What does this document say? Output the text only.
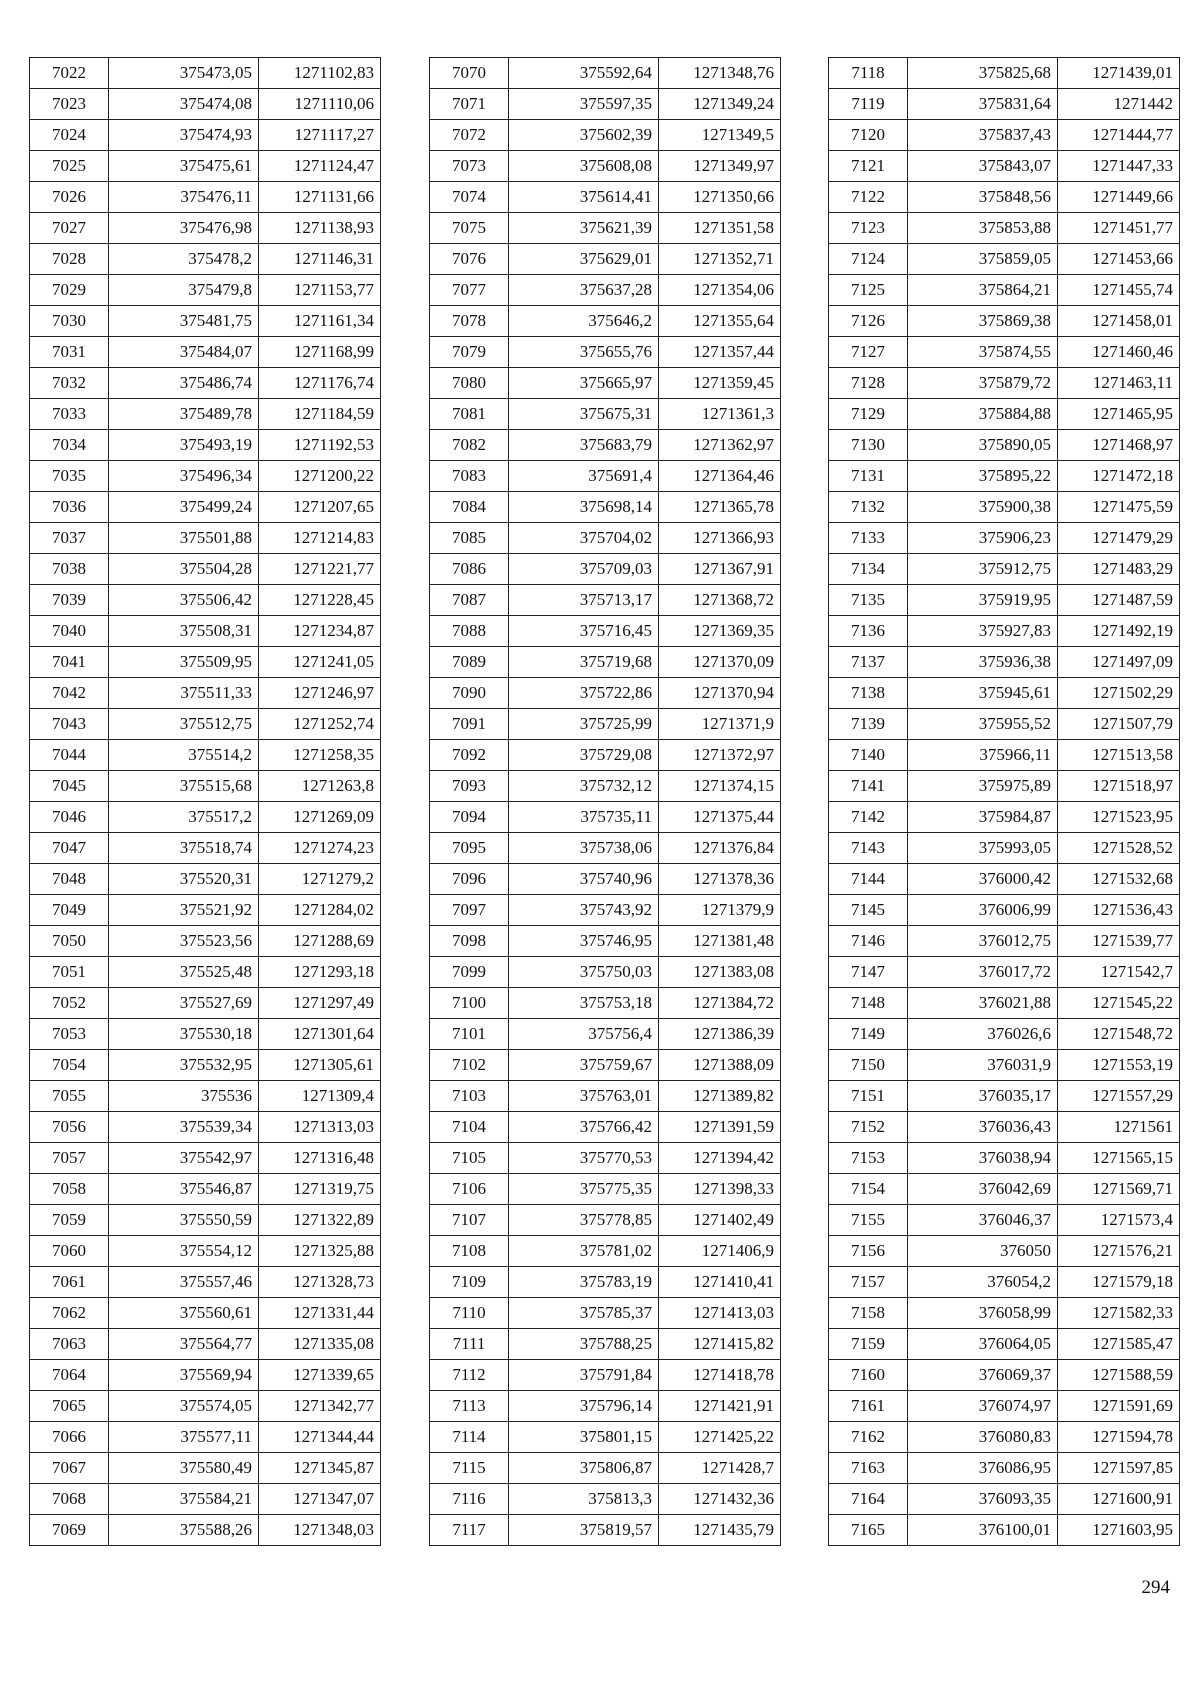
7022	375473,05	1271102,83
7023	375474,08	1271110,06
7024	375474,93	1271117,27
7025	375475,61	1271124,47
7026	375476,11	1271131,66
7027	375476,98	1271138,93
7028	375478,2	1271146,31
7029	375479,8	1271153,77
7030	375481,75	1271161,34
7031	375484,07	1271168,99
7032	375486,74	1271176,74
7033	375489,78	1271184,59
7034	375493,19	1271192,53
7035	375496,34	1271200,22
7036	375499,24	1271207,65
7037	375501,88	1271214,83
7038	375504,28	1271221,77
7039	375506,42	1271228,45
7040	375508,31	1271234,87
7041	375509,95	1271241,05
7042	375511,33	1271246,97
7043	375512,75	1271252,74
7044	375514,2	1271258,35
7045	375515,68	1271263,8
7046	375517,2	1271269,09
7047	375518,74	1271274,23
7048	375520,31	1271279,2
7049	375521,92	1271284,02
7050	375523,56	1271288,69
7051	375525,48	1271293,18
7052	375527,69	1271297,49
7053	375530,18	1271301,64
7054	375532,95	1271305,61
7055	375536	1271309,4
7056	375539,34	1271313,03
7057	375542,97	1271316,48
7058	375546,87	1271319,75
7059	375550,59	1271322,89
7060	375554,12	1271325,88
7061	375557,46	1271328,73
7062	375560,61	1271331,44
7063	375564,77	1271335,08
7064	375569,94	1271339,65
7065	375574,05	1271342,77
7066	375577,11	1271344,44
7067	375580,49	1271345,87
7068	375584,21	1271347,07
7069	375588,26	1271348,03
7070	375592,64	1271348,76
7071	375597,35	1271349,24
7072	375602,39	1271349,5
7073	375608,08	1271349,97
7074	375614,41	1271350,66
7075	375621,39	1271351,58
7076	375629,01	1271352,71
7077	375637,28	1271354,06
7078	375646,2	1271355,64
7079	375655,76	1271357,44
7080	375665,97	1271359,45
7081	375675,31	1271361,3
7082	375683,79	1271362,97
7083	375691,4	1271364,46
7084	375698,14	1271365,78
7085	375704,02	1271366,93
7086	375709,03	1271367,91
7087	375713,17	1271368,72
7088	375716,45	1271369,35
7089	375719,68	1271370,09
7090	375722,86	1271370,94
7091	375725,99	1271371,9
7092	375729,08	1271372,97
7093	375732,12	1271374,15
7094	375735,11	1271375,44
7095	375738,06	1271376,84
7096	375740,96	1271378,36
7097	375743,92	1271379,9
7098	375746,95	1271381,48
7099	375750,03	1271383,08
7100	375753,18	1271384,72
7101	375756,4	1271386,39
7102	375759,67	1271388,09
7103	375763,01	1271389,82
7104	375766,42	1271391,59
7105	375770,53	1271394,42
7106	375775,35	1271398,33
7107	375778,85	1271402,49
7108	375781,02	1271406,9
7109	375783,19	1271410,41
7110	375785,37	1271413,03
7111	375788,25	1271415,82
7112	375791,84	1271418,78
7113	375796,14	1271421,91
7114	375801,15	1271425,22
7115	375806,87	1271428,7
7116	375813,3	1271432,36
7117	375819,57	1271435,79
7118	375825,68	1271439,01
7119	375831,64	1271442
7120	375837,43	1271444,77
7121	375843,07	1271447,33
7122	375848,56	1271449,66
7123	375853,88	1271451,77
7124	375859,05	1271453,66
7125	375864,21	1271455,74
7126	375869,38	1271458,01
7127	375874,55	1271460,46
7128	375879,72	1271463,11
7129	375884,88	1271465,95
7130	375890,05	1271468,97
7131	375895,22	1271472,18
7132	375900,38	1271475,59
7133	375906,23	1271479,29
7134	375912,75	1271483,29
7135	375919,95	1271487,59
7136	375927,83	1271492,19
7137	375936,38	1271497,09
7138	375945,61	1271502,29
7139	375955,52	1271507,79
7140	375966,11	1271513,58
7141	375975,89	1271518,97
7142	375984,87	1271523,95
7143	375993,05	1271528,52
7144	376000,42	1271532,68
7145	376006,99	1271536,43
7146	376012,75	1271539,77
7147	376017,72	1271542,7
7148	376021,88	1271545,22
7149	376026,6	1271548,72
7150	376031,9	1271553,19
7151	376035,17	1271557,29
7152	376036,43	1271561
7153	376038,94	1271565,15
7154	376042,69	1271569,71
7155	376046,37	1271573,4
7156	376050	1271576,21
7157	376054,2	1271579,18
7158	376058,99	1271582,33
7159	376064,05	1271585,47
7160	376069,37	1271588,59
7161	376074,97	1271591,69
7162	376080,83	1271594,78
7163	376086,95	1271597,85
7164	376093,35	1271600,91
7165	376100,01	1271603,95
294
